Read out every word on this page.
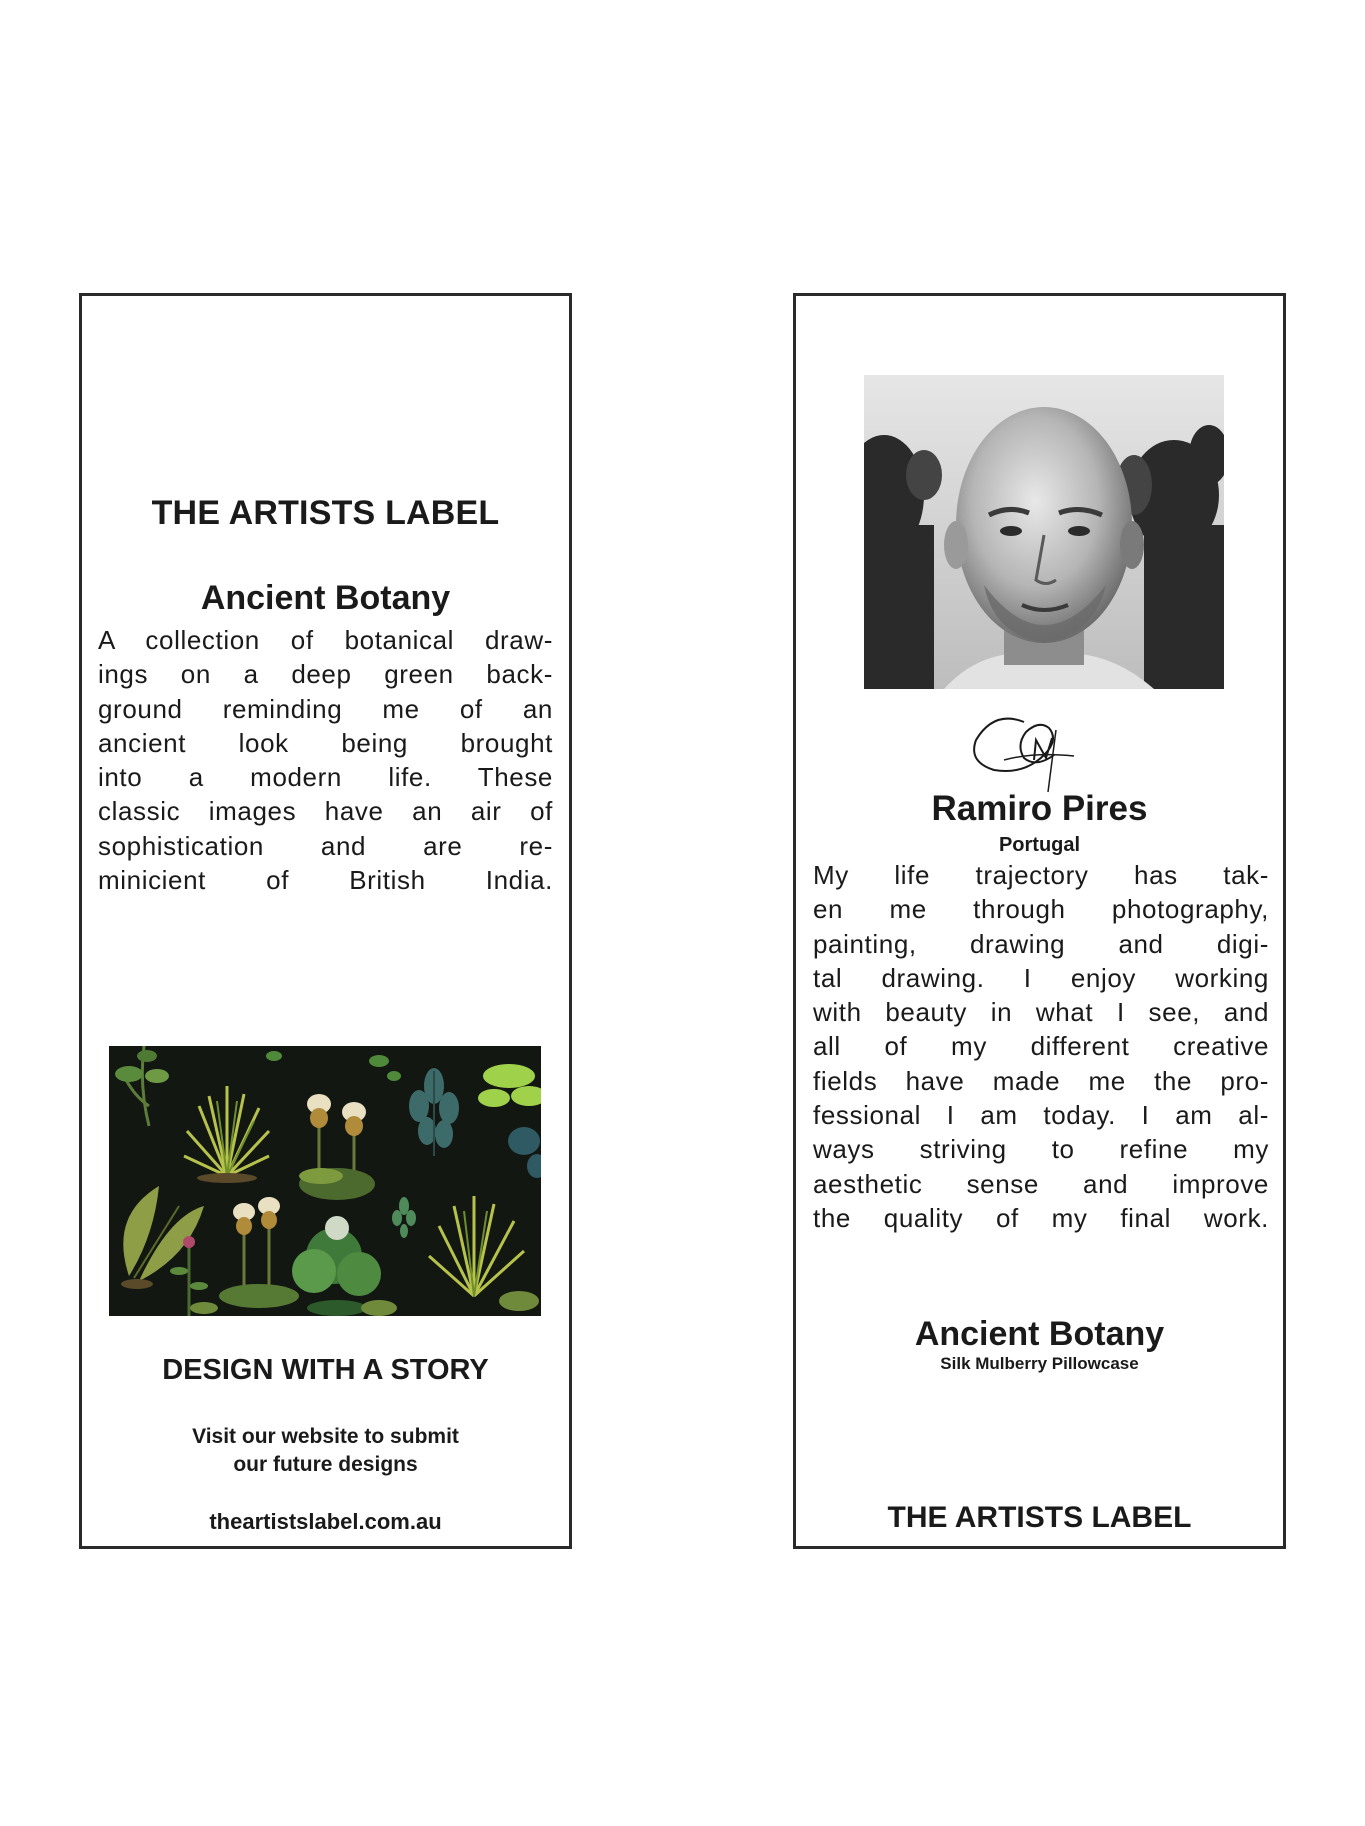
THE ARTISTS LABEL
Ancient Botany
A collection of botanical draw-
ings on a deep green back-
ground reminding me of an
ancient look being brought
into a modern life. These
classic images have an air of
sophistication and are re-
minicient of British India.
DESIGN WITH A STORY
Visit our website to submit
our future designs
theartistslabel.com.au
Ramiro Pires
Portugal
My life trajectory has tak-
en me through photography,
painting, drawing and digi-
tal drawing. I enjoy working
with beauty in what I see, and
all of my different creative
fields have made me the pro-
fessional I am today. I am al-
ways striving to refine my
aesthetic sense and improve
the quality of my final work.
Ancient Botany
Silk Mulberry Pillowcase
THE ARTISTS LABEL
